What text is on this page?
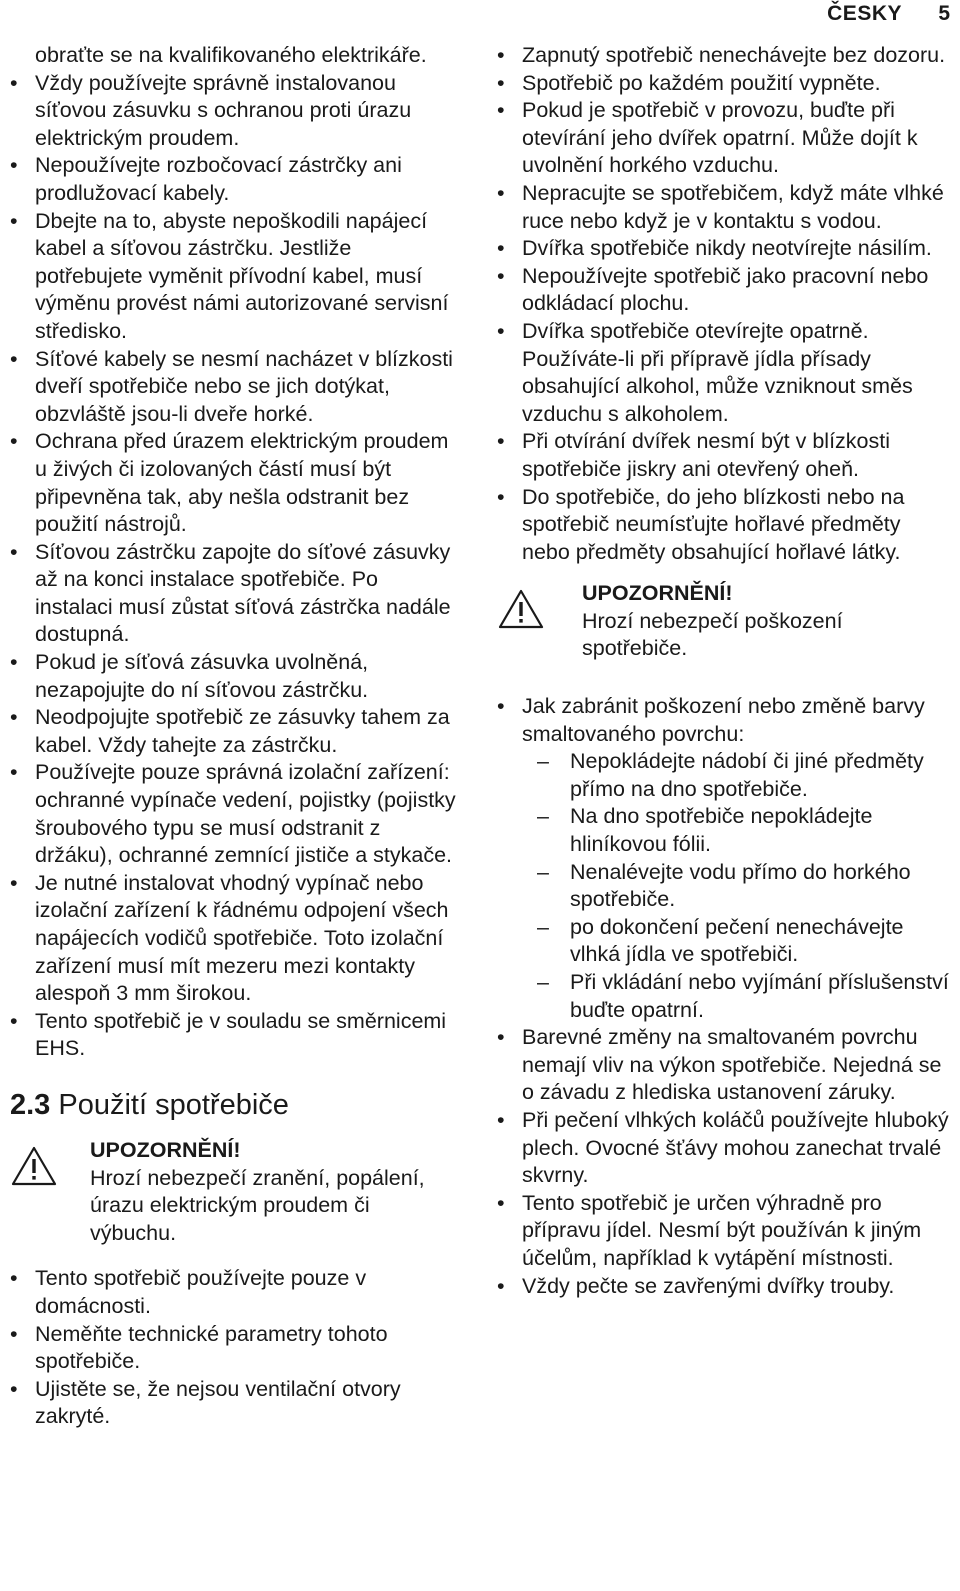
ČESKY 5

obraťte se na kvalifikovaného elektrikáře.

• Vždy používejte správně instalovanou síťovou zásuvku s ochranou proti úrazu elektrickým proudem.

• Nepoužívejte rozbočovací zástrčky ani prodlužovací kabely.

• Dbejte na to, abyste nepoškodili napájecí kabel a síťovou zástrčku. Jestliže potřebujete vyměnit přívodní kabel, musí výměnu provést námi autorizované servisní středisko.

• Síťové kabely se nesmí nacházet v blízkosti dveří spotřebiče nebo se jich dotýkat, obzvláště jsou-li dveře horké.

• Ochrana před úrazem elektrickým proudem u živých či izolovaných částí musí být připevněna tak, aby nešla odstranit bez použití nástrojů.

• Síťovou zástrčku zapojte do síťové zásuvky až na konci instalace spotřebiče. Po instalaci musí zůstat síťová zástrčka nadále dostupná.

• Pokud je síťová zásuvka uvolněná, nezapojujte do ní síťovou zástrčku.

• Neodpojujte spotřebič ze zásuvky tahem za kabel. Vždy tahejte za zástrčku.

• Používejte pouze správná izolační zařízení: ochranné vypínače vedení, pojistky (pojistky šroubového typu se musí odstranit z držáku), ochranné zemnící jističe a stykače.

• Je nutné instalovat vhodný vypínač nebo izolační zařízení k řádnému odpojení všech napájecích vodičů spotřebiče. Toto izolační zařízení musí mít mezeru mezi kontakty alespoň 3 mm širokou.

• Tento spotřebič je v souladu se směrnicemi EHS.

2.3 Použití spotřebiče
UPOZORNĚNÍ!
Hrozí nebezpečí zranění, popálení, úrazu elektrickým proudem či výbuchu.

• Tento spotřebič používejte pouze v domácnosti.

• Neměňte technické parametry tohoto spotřebiče.

• Ujistěte se, že nejsou ventilační otvory zakryté.

• Zapnutý spotřebič nenechávejte bez dozoru.

• Spotřebič po každém použití vypněte.

• Pokud je spotřebič v provozu, buďte při otevírání jeho dvířek opatrní. Může dojít k uvolnění horkého vzduchu.

• Nepracujte se spotřebičem, když máte vlhké ruce nebo když je v kontaktu s vodou.

• Dvířka spotřebiče nikdy neotvírejte násilím.

• Nepoužívejte spotřebič jako pracovní nebo odkládací plochu.

• Dvířka spotřebiče otevírejte opatrně. Používáte-li při přípravě jídla přísady obsahující alkohol, může vzniknout směs vzduchu s alkoholem.

• Při otvírání dvířek nesmí být v blízkosti spotřebiče jiskry ani otevřený oheň.

• Do spotřebiče, do jeho blízkosti nebo na spotřebič neumísťujte hořlavé předměty nebo předměty obsahující hořlavé látky.

UPOZORNĚNÍ!
Hrozí nebezpečí poškození spotřebiče.

• Jak zabránit poškození nebo změně barvy smaltovaného povrchu:

– Nepokládejte nádobí či jiné předměty přímo na dno spotřebiče.

– Na dno spotřebiče nepokládejte hliníkovou fólii.

– Nenalévejte vodu přímo do horkého spotřebiče.

– po dokončení pečení nenechávejte vlhká jídla ve spotřebiči.

– Při vkládání nebo vyjímání příslušenství buďte opatrní.

• Barevné změny na smaltovaném povrchu nemají vliv na výkon spotřebiče. Nejedná se o závadu z hlediska ustanovení záruky.

• Při pečení vlhkých koláčů používejte hluboký plech. Ovocné šťávy mohou zanechat trvalé skvrny.

• Tento spotřebič je určen výhradně pro přípravu jídel. Nesmí být používán k jiným účelům, například k vytápění místnosti.

• Vždy pečte se zavřenými dvířky trouby.
